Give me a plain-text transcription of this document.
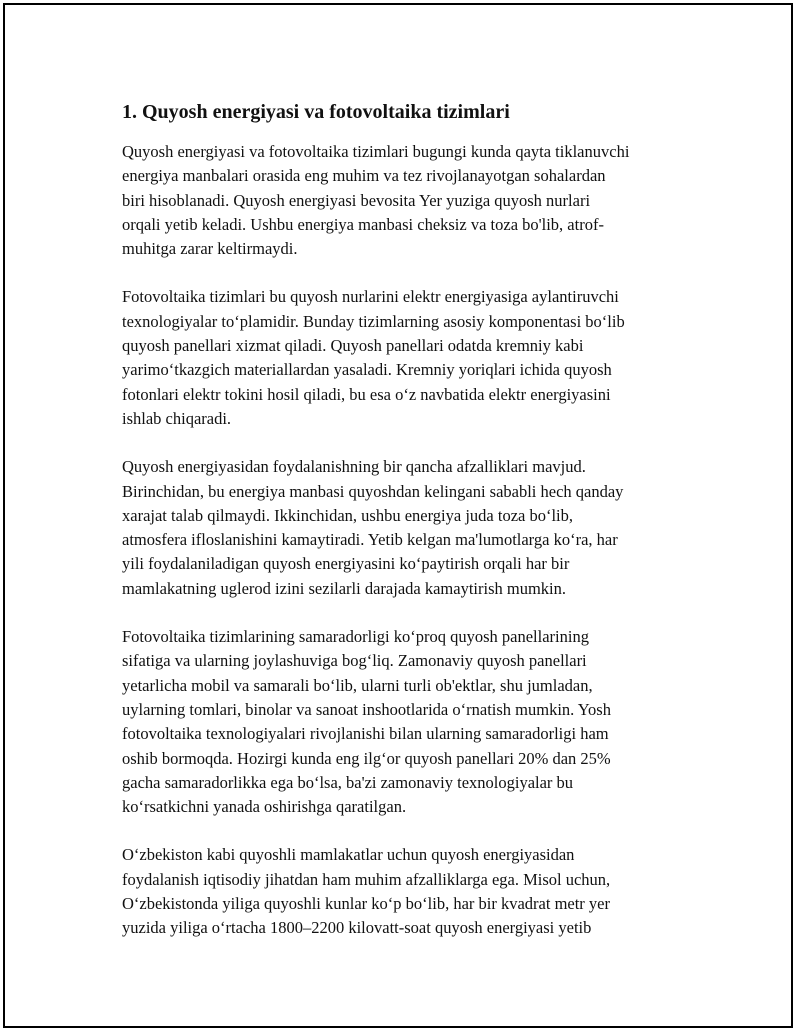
1. Quyosh energiyasi va fotovoltaika tizimlari

Quyosh energiyasi va fotovoltaika tizimlari bugungi kunda qayta tiklanuvchi
energiya manbalari orasida eng muhim va tez rivojlanayotgan sohalardan
biri hisoblanadi. Quyosh energiyasi bevosita Yer yuziga quyosh nurlari
orqali yetib keladi. Ushbu energiya manbasi cheksiz va toza bo'lib, atrof-
muhitga zarar keltirmaydi.

Fotovoltaika tizimlari bu quyosh nurlarini elektr energiyasiga aylantiruvchi
texnologiyalar to‘plamidir. Bunday tizimlarning asosiy komponentasi bo‘lib
quyosh panellari xizmat qiladi. Quyosh panellari odatda kremniy kabi
yarimo‘tkazgich materiallardan yasaladi. Kremniy yoriqlari ichida quyosh
fotonlari elektr tokini hosil qiladi, bu esa o‘z navbatida elektr energiyasini
ishlab chiqaradi.

Quyosh energiyasidan foydalanishning bir qancha afzalliklari mavjud.
Birinchidan, bu energiya manbasi quyoshdan kelingani sababli hech qanday
xarajat talab qilmaydi. Ikkinchidan, ushbu energiya juda toza bo‘lib,
atmosfera ifloslanishini kamaytiradi. Yetib kelgan ma'lumotlarga ko‘ra, har
yili foydalaniladigan quyosh energiyasini ko‘paytirish orqali har bir
mamlakatning uglerod izini sezilarli darajada kamaytirish mumkin.

Fotovoltaika tizimlarining samaradorligi ko‘proq quyosh panellarining
sifatiga va ularning joylashuviga bog‘liq. Zamonaviy quyosh panellari
yetarlicha mobil va samarali bo‘lib, ularni turli ob'ektlar, shu jumladan,
uylarning tomlari, binolar va sanoat inshootlarida o‘rnatish mumkin. Yosh
fotovoltaika texnologiyalari rivojlanishi bilan ularning samaradorligi ham
oshib bormoqda. Hozirgi kunda eng ilg‘or quyosh panellari 20% dan 25%
gacha samaradorlikka ega bo‘lsa, ba'zi zamonaviy texnologiyalar bu
ko‘rsatkichni yanada oshirishga qaratilgan.

O‘zbekiston kabi quyoshli mamlakatlar uchun quyosh energiyasidan
foydalanish iqtisodiy jihatdan ham muhim afzalliklarga ega. Misol uchun,
O‘zbekistonda yiliga quyoshli kunlar ko‘p bo‘lib, har bir kvadrat metr yer
yuzida yiliga o‘rtacha 1800–2200 kilovatt-soat quyosh energiyasi yetib
